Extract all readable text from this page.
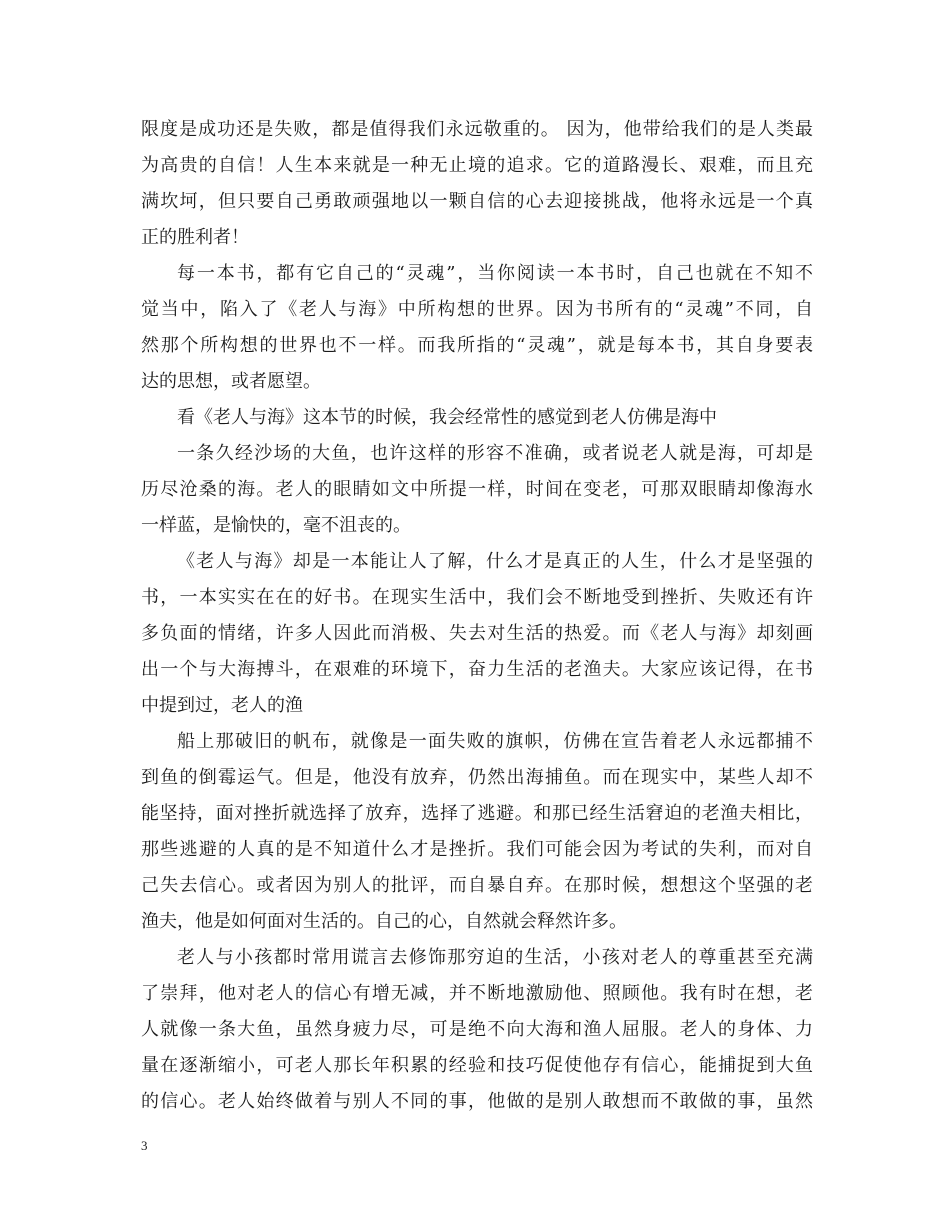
限度是成功还是失败，都是值得我们永远敬重的。 因为，他带给我们的是人类最
为高贵的自信！人生本来就是一种无止境的追求。它的道路漫长、艰难，而且充
满坎坷，但只要自己勇敢顽强地以一颗自信的心去迎接挑战，他将永远是一个真
正的胜利者！
每一本书，都有它自己的“灵魂”，当你阅读一本书时，自己也就在不知不
觉当中，陷入了《老人与海》中所构想的世界。因为书所有的“灵魂”不同，自
然那个所构想的世界也不一样。而我所指的“灵魂”，就是每本书，其自身要表
达的思想，或者愿望。
看《老人与海》这本节的时候，我会经常性的感觉到老人仿佛是海中
一条久经沙场的大鱼，也许这样的形容不准确，或者说老人就是海，可却是
历尽沧桑的海。老人的眼睛如文中所提一样，时间在变老，可那双眼睛却像海水
一样蓝，是愉快的，毫不沮丧的。
《老人与海》却是一本能让人了解，什么才是真正的人生，什么才是坚强的
书，一本实实在在的好书。在现实生活中，我们会不断地受到挫折、失败还有许
多负面的情绪，许多人因此而消极、失去对生活的热爱。而《老人与海》却刻画
出一个与大海搏斗，在艰难的环境下，奋力生活的老渔夫。大家应该记得，在书
中提到过，老人的渔
船上那破旧的帆布，就像是一面失败的旗帜，仿佛在宣告着老人永远都捕不
到鱼的倒霉运气。但是，他没有放弃，仍然出海捕鱼。而在现实中，某些人却不
能坚持，面对挫折就选择了放弃，选择了逃避。和那已经生活窘迫的老渔夫相比，
那些逃避的人真的是不知道什么才是挫折。我们可能会因为考试的失利，而对自
己失去信心。或者因为别人的批评，而自暴自弃。在那时候，想想这个坚强的老
渔夫，他是如何面对生活的。自己的心，自然就会释然许多。
老人与小孩都时常用谎言去修饰那穷迫的生活，小孩对老人的尊重甚至充满
了崇拜，他对老人的信心有增无减，并不断地激励他、照顾他。我有时在想，老
人就像一条大鱼，虽然身疲力尽，可是绝不向大海和渔人屈服。老人的身体、力
量在逐渐缩小，可老人那长年积累的经验和技巧促使他存有信心，能捕捉到大鱼
的信心。老人始终做着与别人不同的事，他做的是别人敢想而不敢做的事，虽然
3
